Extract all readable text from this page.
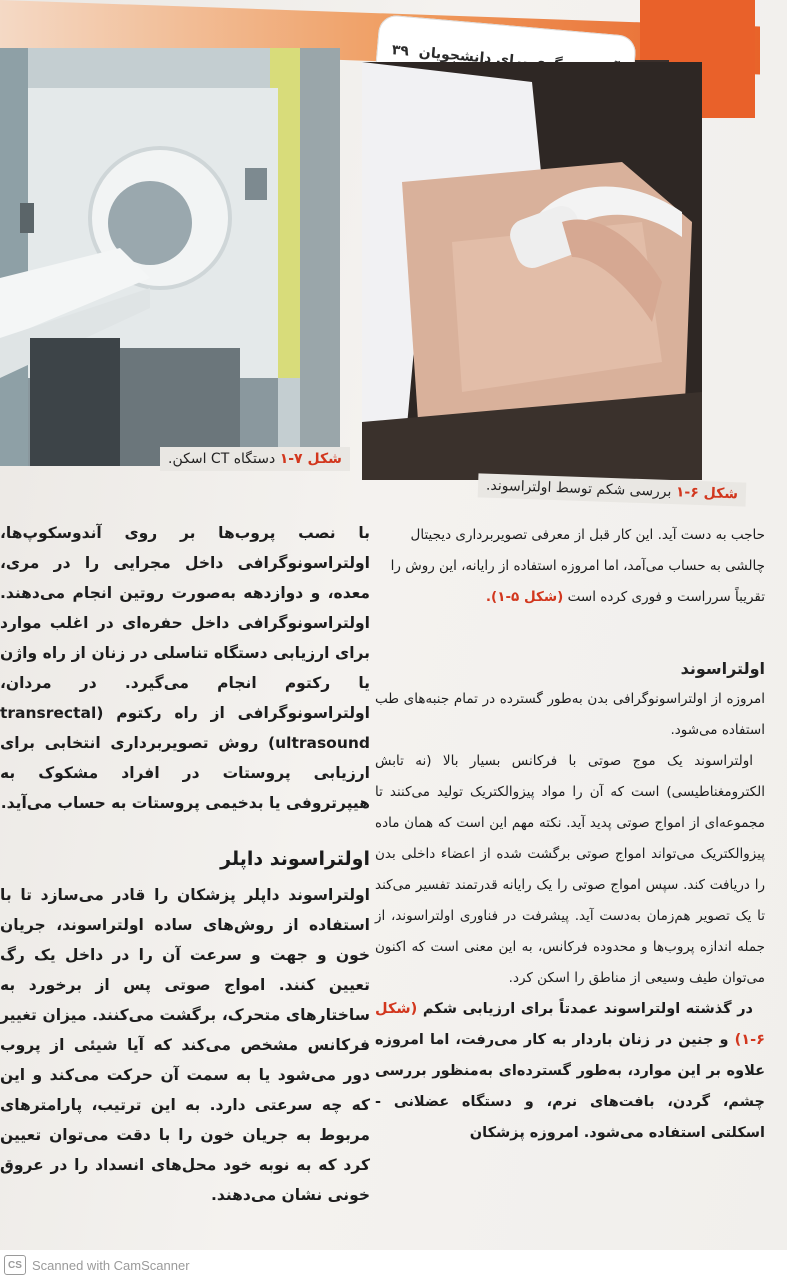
۳۹
شکل ۷-۱ دستگاه CT اسکن.
شکل ۶-۱ بررسی شکم توسط اولتراسوند.

حاجب به دست آید. این کار قبل از معرفی تصویربرداری دیجیتال

چالشی به حساب می‌آمد، اما امروزه استفاده از رایانه، این روش را

تقریباً سرراست و فوری کرده است (شکل ۵-۱).

اولتراسوند

امروزه از اولتراسونوگرافی بدن به‌طور گسترده در تمام جنبه‌های طب استفاده می‌شود.

اولتراسوند یک موج صوتی با فرکانس بسیار بالا (نه تابش الکترومغناطیسی) است که آن را مواد پیزوالکتریک تولید می‌کنند تا مجموعه‌ای از امواج صوتی پدید آید. نکته مهم این است که همان ماده پیزوالکتریک می‌تواند امواج صوتی برگشت شده از اعضاء داخلی بدن را دریافت کند. سپس امواج صوتی را یک رایانه قدرتمند تفسیر می‌کند تا یک تصویر هم‌زمان به‌دست آید. پیشرفت در فناوری اولتراسوند، از جمله اندازه پروب‌ها و محدوده فرکانس، به این معنی است که اکنون می‌توان طیف وسیعی از مناطق را اسکن کرد.

در گذشته اولتراسوند عمدتاً برای ارزیابی شکم (شکل ۶-۱) و جنین در زنان باردار به کار می‌رفت، اما امروزه علاوه بر این موارد، به‌طور گسترده‌ای به‌منظور بررسی چشم، گردن، بافت‌های نرم، و دستگاه عضلانی - اسکلتی استفاده می‌شود. امروزه پزشکان

با نصب پروب‌ها بر روی آندوسکوپ‌ها، اولتراسونوگرافی داخل مجرایی را در مری، معده، و دوازدهه به‌صورت روتین انجام می‌دهند. اولتراسونوگرافی داخل حفره‌ای در اغلب موارد برای ارزیابی دستگاه تناسلی در زنان از راه واژن یا رکتوم انجام می‌گیرد. در مردان، اولتراسونوگرافی از راه رکتوم (transrectal ultrasound) روش تصویربرداری انتخابی برای ارزیابی پروستات در افراد مشکوک به هیپرتروفی یا بدخیمی پروستات به حساب می‌آید.

اولتراسوند داپلر

اولتراسوند داپلر پزشکان را قادر می‌سازد تا با استفاده از روش‌های ساده اولتراسوند، جریان خون و جهت و سرعت آن را در داخل یک رگ تعیین کنند. امواج صوتی پس از برخورد به ساختارهای متحرک، برگشت می‌کنند. میزان تغییر فرکانس مشخص می‌کند که آیا شیئی از پروب دور می‌شود یا به سمت آن حرکت می‌کند و این که چه سرعتی دارد. به این ترتیب، پارامترهای مربوط به جریان خون را با دقت می‌توان تعیین کرد که به نوبه خود محل‌های انسداد را در عروق خونی نشان می‌دهند.

CS Scanned with CamScanner
